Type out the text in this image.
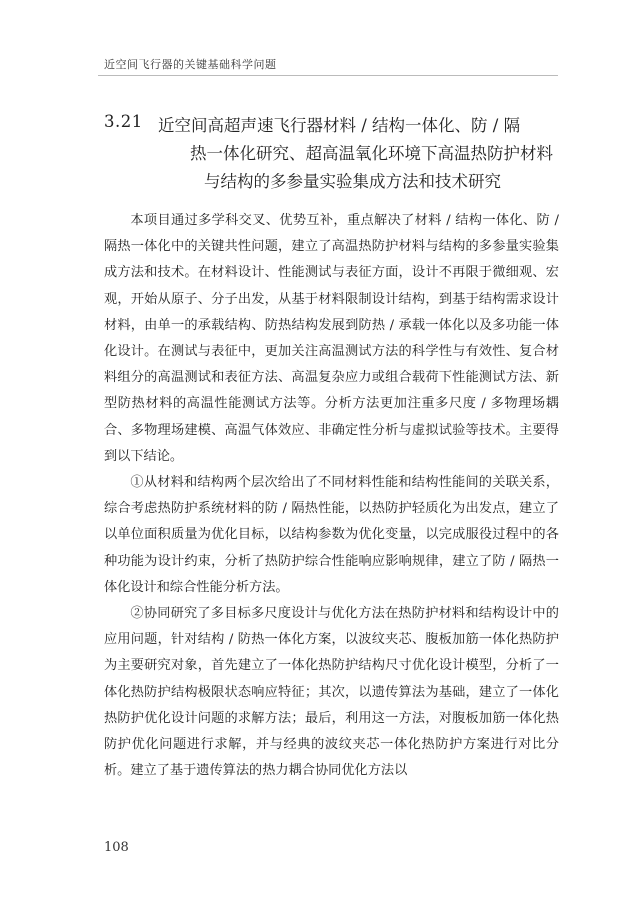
近空间飞行器的关键基础科学问题
3.21 近空间高超声速飞行器材料 / 结构一体化、防 / 隔
热一体化研究、超高温氧化环境下高温热防护材料
与结构的多参量实验集成方法和技术研究

本项目通过多学科交叉、优势互补，重点解决了材料 / 结构一体化、防 / 隔热一体化中的关键共性问题，建立了高温热防护材料与结构的多参量实验集成方法和技术。在材料设计、性能测试与表征方面，设计不再限于微细观、宏观，开始从原子、分子出发，从基于材料限制设计结构，到基于结构需求设计材料，由单一的承载结构、防热结构发展到防热 / 承载一体化以及多功能一体化设计。在测试与表征中，更加关注高温测试方法的科学性与有效性、复合材料组分的高温测试和表征方法、高温复杂应力或组合载荷下性能测试方法、新型防热材料的高温性能测试方法等。分析方法更加注重多尺度 / 多物理场耦合、多物理场建模、高温气体效应、非确定性分析与虚拟试验等技术。主要得到以下结论。

①从材料和结构两个层次给出了不同材料性能和结构性能间的关联关系，综合考虑热防护系统材料的防 / 隔热性能，以热防护轻质化为出发点，建立了以单位面积质量为优化目标，以结构参数为优化变量，以完成服役过程中的各种功能为设计约束，分析了热防护综合性能响应影响规律，建立了防 / 隔热一体化设计和综合性能分析方法。

②协同研究了多目标多尺度设计与优化方法在热防护材料和结构设计中的应用问题，针对结构 / 防热一体化方案，以波纹夹芯、腹板加筋一体化热防护为主要研究对象，首先建立了一体化热防护结构尺寸优化设计模型，分析了一体化热防护结构极限状态响应特征；其次，以遗传算法为基础，建立了一体化热防护优化设计问题的求解方法；最后，利用这一方法，对腹板加筋一体化热防护优化问题进行求解，并与经典的波纹夹芯一体化热防护方案进行对比分析。建立了基于遗传算法的热力耦合协同优化方法以

108
